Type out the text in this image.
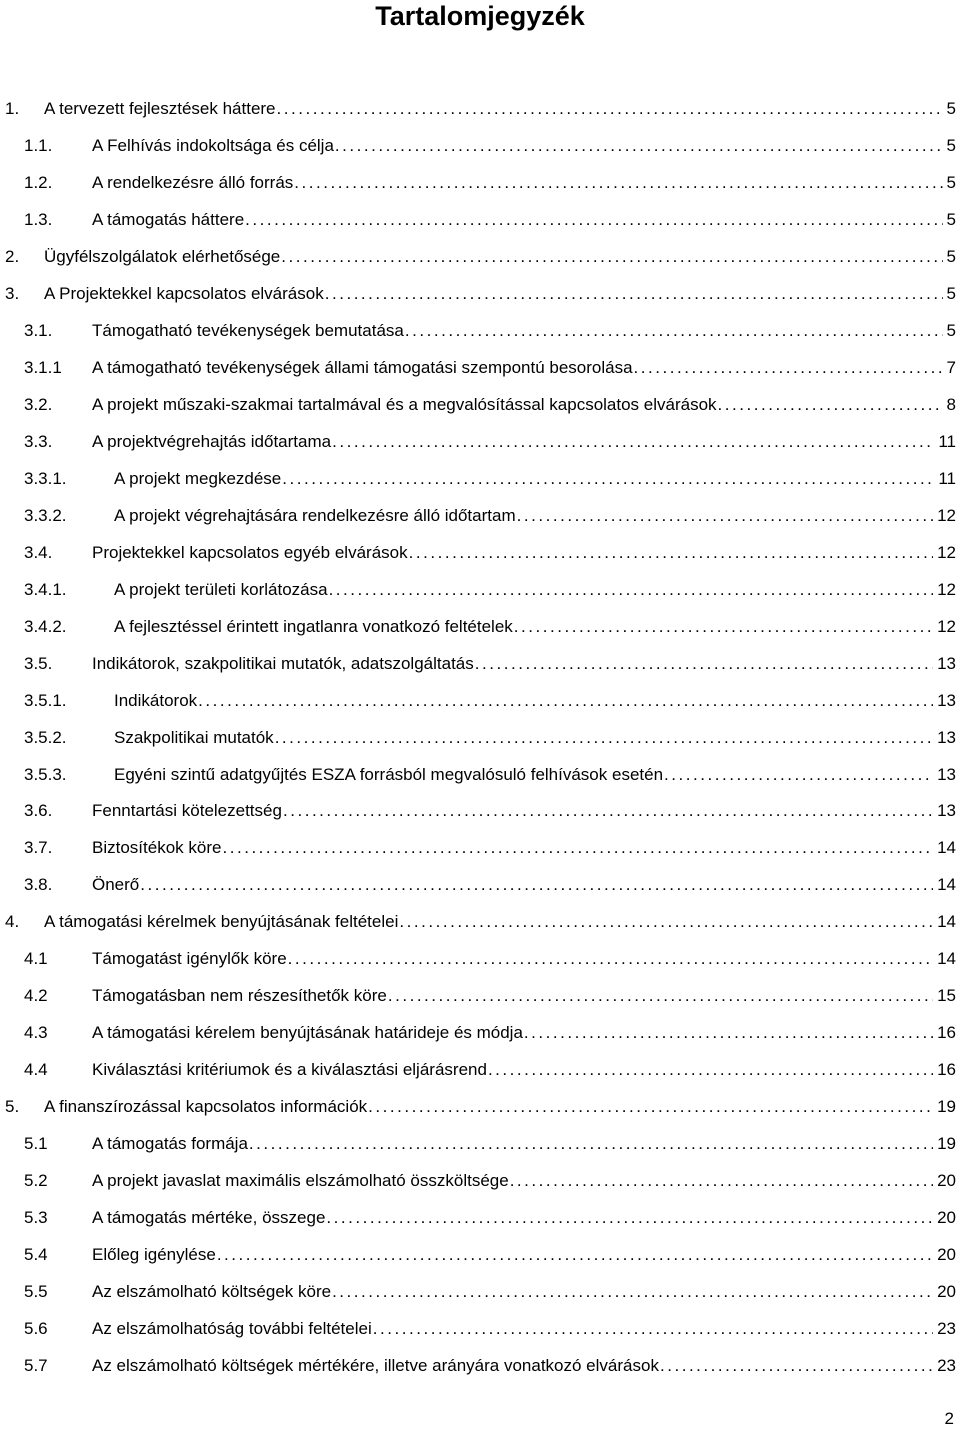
Tartalomjegyzék
1. A tervezett fejlesztések háttere . . .	5
1.1. A Felhívás indokoltsága és célja . . .	5
1.2. A rendelkezésre álló forrás . . .	5
1.3. A támogatás háttere . . .	5
2. Ügyfélszolgálatok elérhetősége . . .	5
3. A Projektekkel kapcsolatos elvárások . . .	5
3.1. Támogatható tevékenységek bemutatása . . .	5
3.1.1 A támogatható tevékenységek állami támogatási szempontú besorolása . . .	7
3.2. A projekt műszaki-szakmai tartalmával és a megvalósítással kapcsolatos elvárások . . .	8
3.3. A projektvégrehajtás időtartama . . .	11
3.3.1.	A projekt megkezdése . . .	11
3.3.2.	A projekt végrehajtására rendelkezésre álló időtartam . . .	12
3.4. Projektekkel kapcsolatos egyéb elvárások . . .	12
3.4.1.	A projekt területi korlátozása . . .	12
3.4.2.	A fejlesztéssel érintett ingatlanra vonatkozó feltételek . . .	12
3.5. Indikátorok, szakpolitikai mutatók, adatszolgáltatás . . .	13
3.5.1.	Indikátorok . . .	13
3.5.2.	Szakpolitikai mutatók . . .	13
3.5.3.	Egyéni szintű adatgyűjtés ESZA forrásból megvalósuló felhívások esetén . . .	13
3.6. Fenntartási kötelezettség . . .	13
3.7. Biztosítékok köre . . .	14
3.8. Önerő . . .	14
4. A támogatási kérelmek benyújtásának feltételei . . .	14
4.1	Támogatást igénylők köre . . .	14
4.2	Támogatásban nem részesíthetők köre . . .	15
4.3	A támogatási kérelem benyújtásának határideje és módja . . .	16
4.4	Kiválasztási kritériumok és a kiválasztási eljárásrend . . .	16
5. A finanszírozással kapcsolatos információk . . .	19
5.1	A támogatás formája . . .	19
5.2	A projekt javaslat maximális elszámolható összköltsége . . .	20
5.3	A támogatás mértéke, összege . . .	20
5.4	Előleg igénylése . . .	20
5.5	Az elszámolható költségek köre . . .	20
5.6	Az elszámolhatóság további feltételei . . .	23
5.7	Az elszámolható költségek mértékére, illetve arányára vonatkozó elvárások . . .	23
2
